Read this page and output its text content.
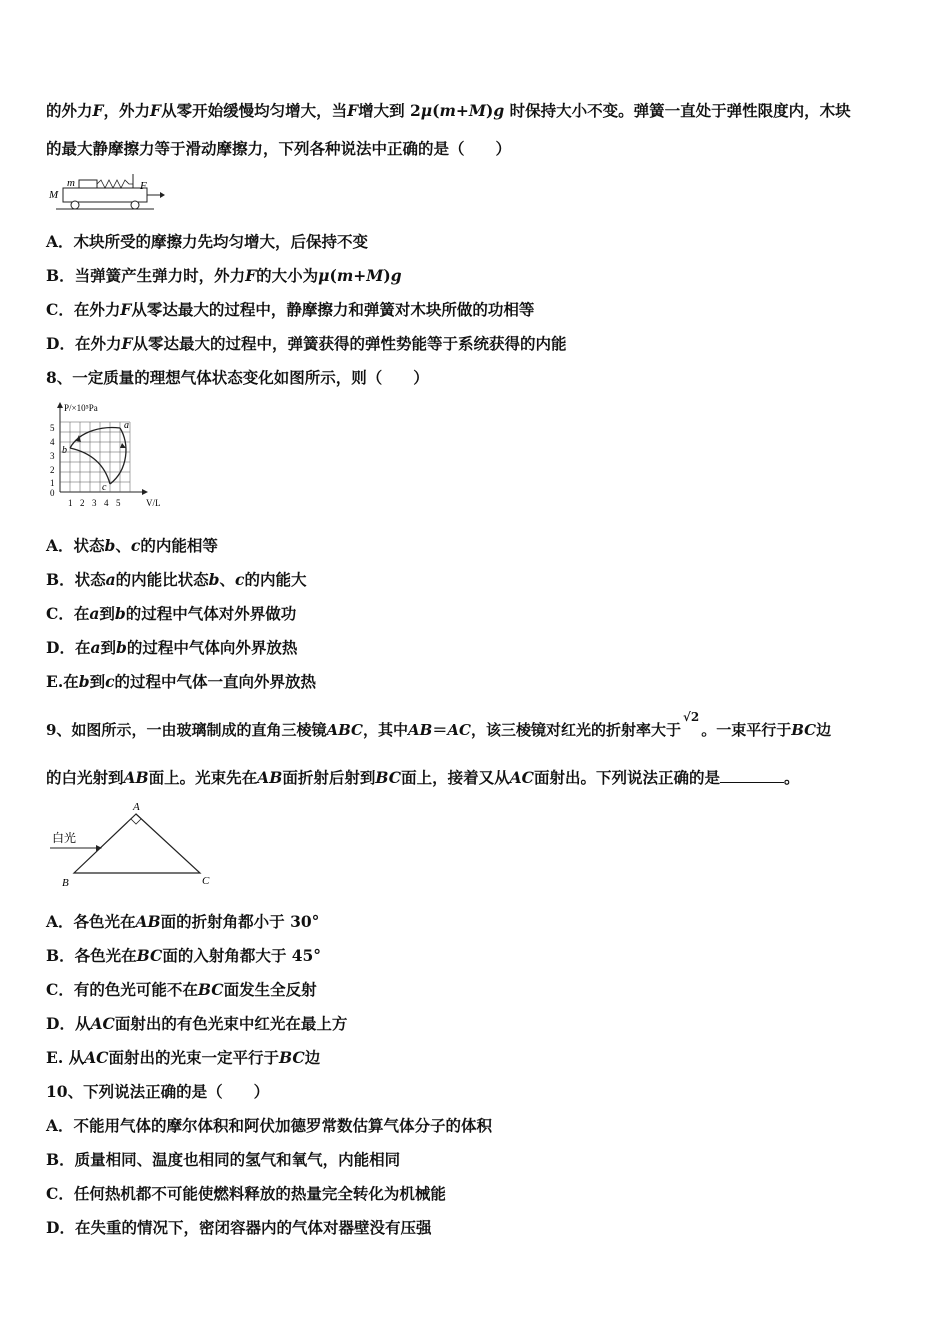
的外力F，外力F从零开始缓慢均匀增大，当F增大到 2μ(m+M)g 时保持大小不变。弹簧一直处于弹性限度内，木块
的最大静摩擦力等于滑动摩擦力，下列各种说法中正确的是（　　）
M
m	F
A．木块所受的摩擦力先均匀增大，后保持不变
B．当弹簧产生弹力时，外力F的大小为μ(m+M)g
C．在外力F从零达最大的过程中，静摩擦力和弹簧对木块所做的功相等
D．在外力F从零达最大的过程中，弹簧获得的弹性势能等于系统获得的内能
8、一定质量的理想气体状态变化如图所示，则（　　）
P/×10⁵Pa
V/L
5
4
3
2
1
0
1 2 3 4 5
a
b
c
A．状态b、c的内能相等
B．状态a的内能比状态b、c的内能大
C．在a到b的过程中气体对外界做功
D．在a到b的过程中气体向外界放热
E.在b到c的过程中气体一直向外界放热
9、如图所示，一由玻璃制成的直角三棱镜ABC，其中AB＝AC，该三棱镜对红光的折射率大于√2。一束平行于BC边
的白光射到AB面上。光束先在AB面折射后射到BC面上，接着又从AC面射出。下列说法正确的是	。
白光
A
B	C
A．各色光在AB面的折射角都小于 30°
B．各色光在BC面的入射角都大于 45°
C．有的色光可能不在BC面发生全反射
D．从AC面射出的有色光束中红光在最上方
E. 从AC面射出的光束一定平行于BC边
10、下列说法正确的是（　　）
A．不能用气体的摩尔体积和阿伏加德罗常数估算气体分子的体积
B．质量相同、温度也相同的氢气和氧气，内能相同
C．任何热机都不可能使燃料释放的热量完全转化为机械能
D．在失重的情况下，密闭容器内的气体对器壁没有压强
